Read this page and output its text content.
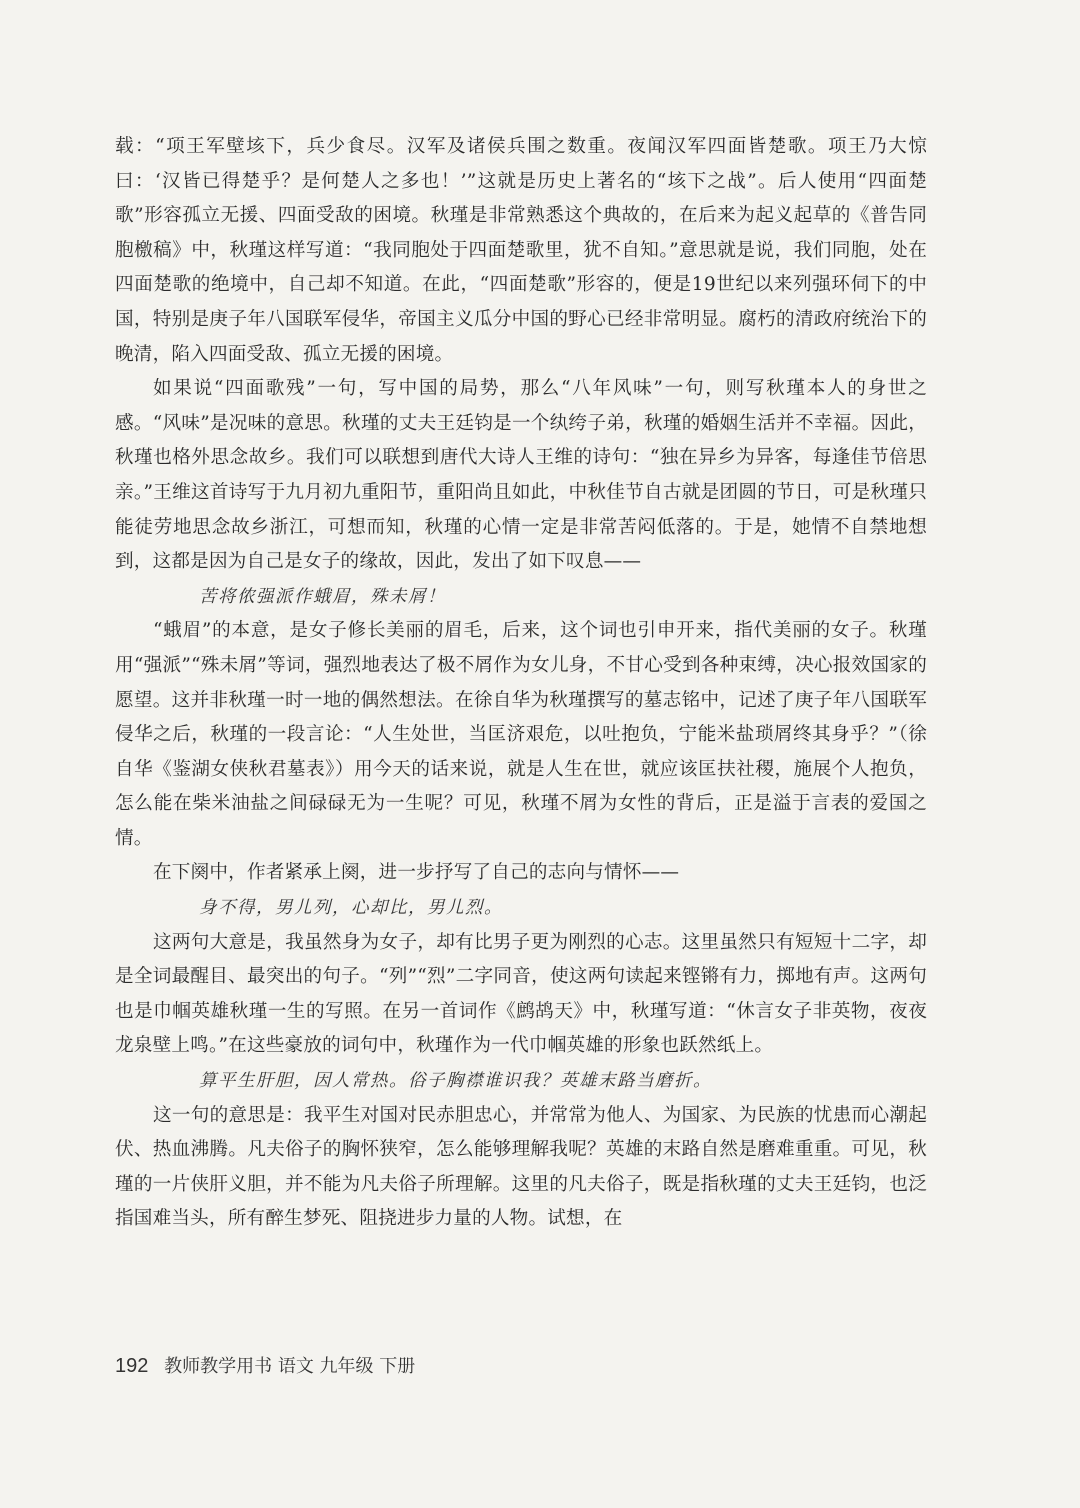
载：“项王军壁垓下，兵少食尽。汉军及诸侯兵围之数重。夜闻汉军四面皆楚歌。项王乃大惊曰：‘汉皆已得楚乎？是何楚人之多也！’”这就是历史上著名的“垓下之战”。后人使用“四面楚歌”形容孤立无援、四面受敌的困境。秋瑾是非常熟悉这个典故的，在后来为起义起草的《普告同胞檄稿》中，秋瑾这样写道：“我同胞处于四面楚歌里，犹不自知。”意思就是说，我们同胞，处在四面楚歌的绝境中，自己却不知道。在此，“四面楚歌”形容的，便是19世纪以来列强环伺下的中国，特别是庚子年八国联军侵华，帝国主义瓜分中国的野心已经非常明显。腐朽的清政府统治下的晚清，陷入四面受敌、孤立无援的困境。

如果说“四面歌残”一句，写中国的局势，那么“八年风味”一句，则写秋瑾本人的身世之感。“风味”是况味的意思。秋瑾的丈夫王廷钧是一个纨绔子弟，秋瑾的婚姻生活并不幸福。因此，秋瑾也格外思念故乡。我们可以联想到唐代大诗人王维的诗句：“独在异乡为异客，每逢佳节倍思亲。”王维这首诗写于九月初九重阳节，重阳尚且如此，中秋佳节自古就是团圆的节日，可是秋瑾只能徒劳地思念故乡浙江，可想而知，秋瑾的心情一定是非常苦闷低落的。于是，她情不自禁地想到，这都是因为自己是女子的缘故，因此，发出了如下叹息——

苦将侬强派作蛾眉，殊未屑！

“蛾眉”的本意，是女子修长美丽的眉毛，后来，这个词也引申开来，指代美丽的女子。秋瑾用“强派”“殊未屑”等词，强烈地表达了极不屑作为女儿身，不甘心受到各种束缚，决心报效国家的愿望。这并非秋瑾一时一地的偶然想法。在徐自华为秋瑾撰写的墓志铭中，记述了庚子年八国联军侵华之后，秋瑾的一段言论：“人生处世，当匡济艰危，以吐抱负，宁能米盐琐屑终其身乎？”（徐自华《鉴湖女侠秋君墓表》）用今天的话来说，就是人生在世，就应该匡扶社稷，施展个人抱负，怎么能在柴米油盐之间碌碌无为一生呢？可见，秋瑾不屑为女性的背后，正是溢于言表的爱国之情。

在下阕中，作者紧承上阕，进一步抒写了自己的志向与情怀——

身不得，男儿列，心却比，男儿烈。

这两句大意是，我虽然身为女子，却有比男子更为刚烈的心志。这里虽然只有短短十二字，却是全词最醒目、最突出的句子。“列”“烈”二字同音，使这两句读起来铿锵有力，掷地有声。这两句也是巾帼英雄秋瑾一生的写照。在另一首词作《鹧鸪天》中，秋瑾写道：“休言女子非英物，夜夜龙泉壁上鸣。”在这些豪放的词句中，秋瑾作为一代巾帼英雄的形象也跃然纸上。

算平生肝胆，因人常热。俗子胸襟谁识我？英雄末路当磨折。

这一句的意思是：我平生对国对民赤胆忠心，并常常为他人、为国家、为民族的忧患而心潮起伏、热血沸腾。凡夫俗子的胸怀狭窄，怎么能够理解我呢？英雄的末路自然是磨难重重。可见，秋瑾的一片侠肝义胆，并不能为凡夫俗子所理解。这里的凡夫俗子，既是指秋瑾的丈夫王廷钧，也泛指国难当头，所有醉生梦死、阻挠进步力量的人物。试想，在

192 教师教学用书 语文 九年级 下册
